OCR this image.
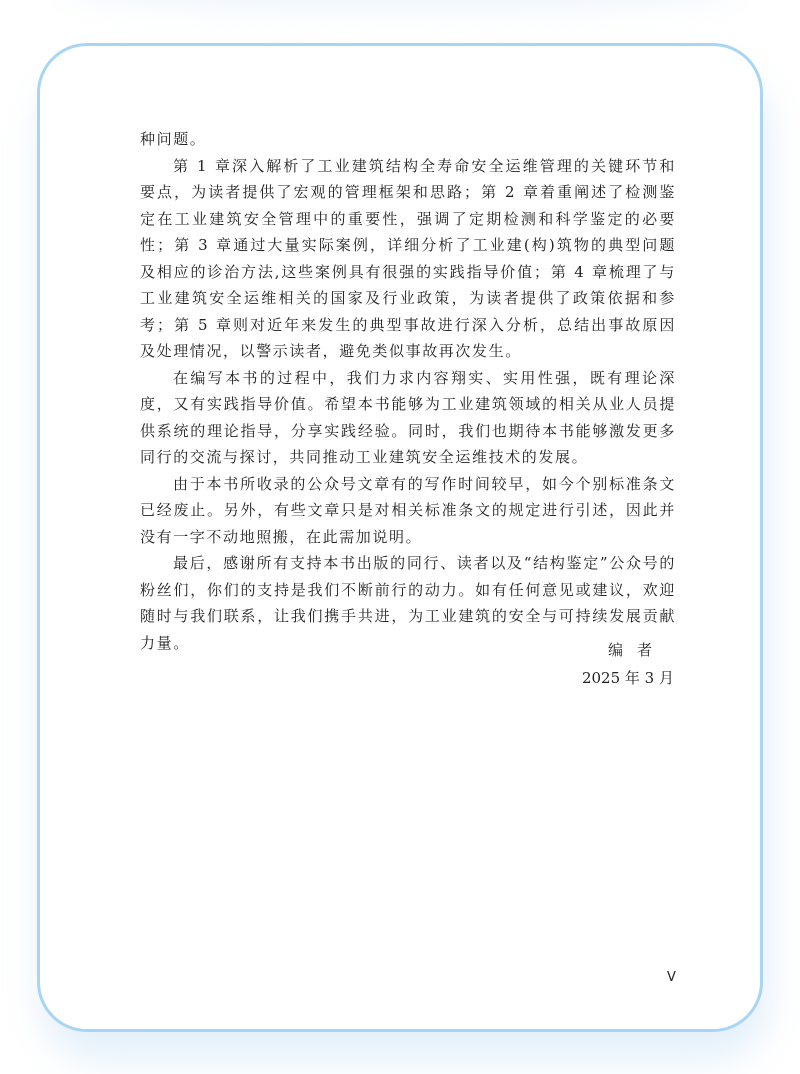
种问题。

第 1 章深入解析了工业建筑结构全寿命安全运维管理的关键环节和要点，为读者提供了宏观的管理框架和思路；第 2 章着重阐述了检测鉴定在工业建筑安全管理中的重要性，强调了定期检测和科学鉴定的必要性；第 3 章通过大量实际案例，详细分析了工业建(构)筑物的典型问题及相应的诊治方法,这些案例具有很强的实践指导价值；第 4 章梳理了与工业建筑安全运维相关的国家及行业政策，为读者提供了政策依据和参考；第 5 章则对近年来发生的典型事故进行深入分析，总结出事故原因及处理情况，以警示读者，避免类似事故再次发生。

在编写本书的过程中，我们力求内容翔实、实用性强，既有理论深度，又有实践指导价值。希望本书能够为工业建筑领域的相关从业人员提供系统的理论指导，分享实践经验。同时，我们也期待本书能够激发更多同行的交流与探讨，共同推动工业建筑安全运维技术的发展。

由于本书所收录的公众号文章有的写作时间较早，如今个别标准条文已经废止。另外，有些文章只是对相关标准条文的规定进行引述，因此并没有一字不动地照搬，在此需加说明。

最后，感谢所有支持本书出版的同行、读者以及“结构鉴定”公众号的粉丝们，你们的支持是我们不断前行的动力。如有任何意见或建议，欢迎随时与我们联系，让我们携手共进，为工业建筑的安全与可持续发展贡献力量。	编者
2025 年 3 月
V
